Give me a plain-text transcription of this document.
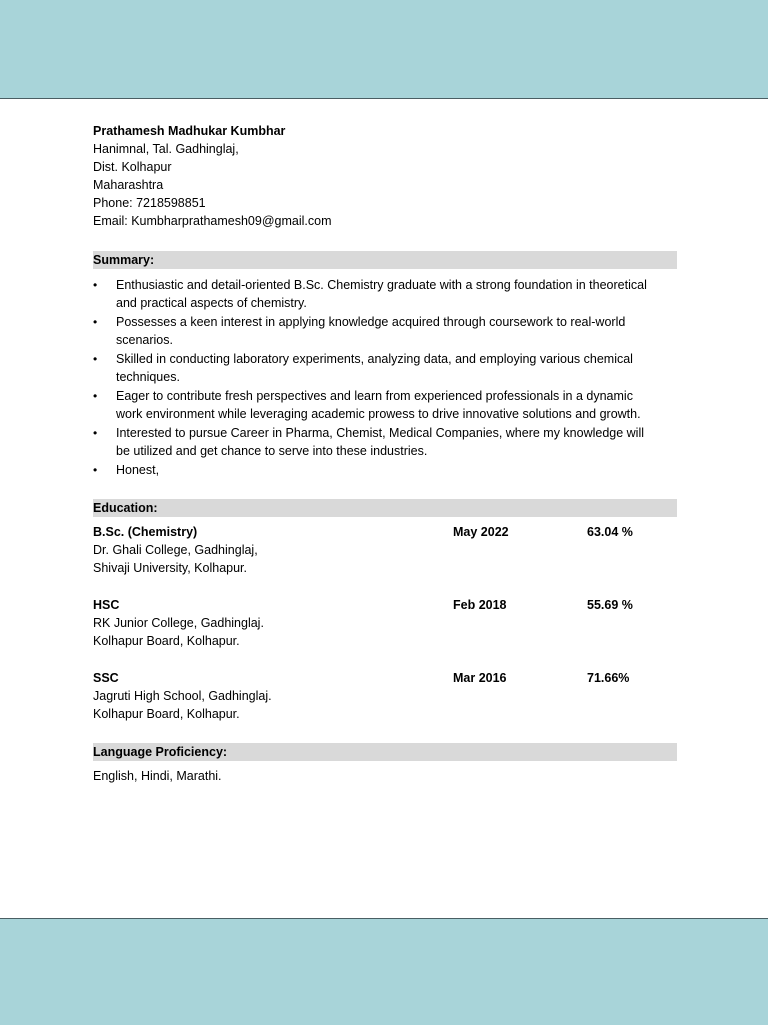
Prathamesh Madhukar Kumbhar
Hanimnal, Tal. Gadhinglaj,
Dist. Kolhapur
Maharashtra
Phone: 7218598851
Email: Kumbharprathamesh09@gmail.com
Summary:
• Enthusiastic and detail-oriented B.Sc. Chemistry graduate with a strong foundation in theoretical
and practical aspects of chemistry.
• Possesses a keen interest in applying knowledge acquired through coursework to real-world
scenarios.
• Skilled in conducting laboratory experiments, analyzing data, and employing various chemical
techniques.
• Eager to contribute fresh perspectives and learn from experienced professionals in a dynamic
work environment while leveraging academic prowess to drive innovative solutions and growth.
• Interested to pursue Career in Pharma, Chemist, Medical Companies, where my knowledge will
be utilized and get chance to serve into these industries.
• Honest,
Education:
B.Sc. (Chemistry)
Dr. Ghali College, Gadhinglaj,
Shivaji University, Kolhapur.
May 2022	63.04 %
HSC
RK Junior College, Gadhinglaj.
Kolhapur Board, Kolhapur.
Feb 2018	55.69 %
SSC
Jagruti High School, Gadhinglaj.
Kolhapur Board, Kolhapur.
Mar 2016	71.66%
Language Proficiency:
English, Hindi, Marathi.
